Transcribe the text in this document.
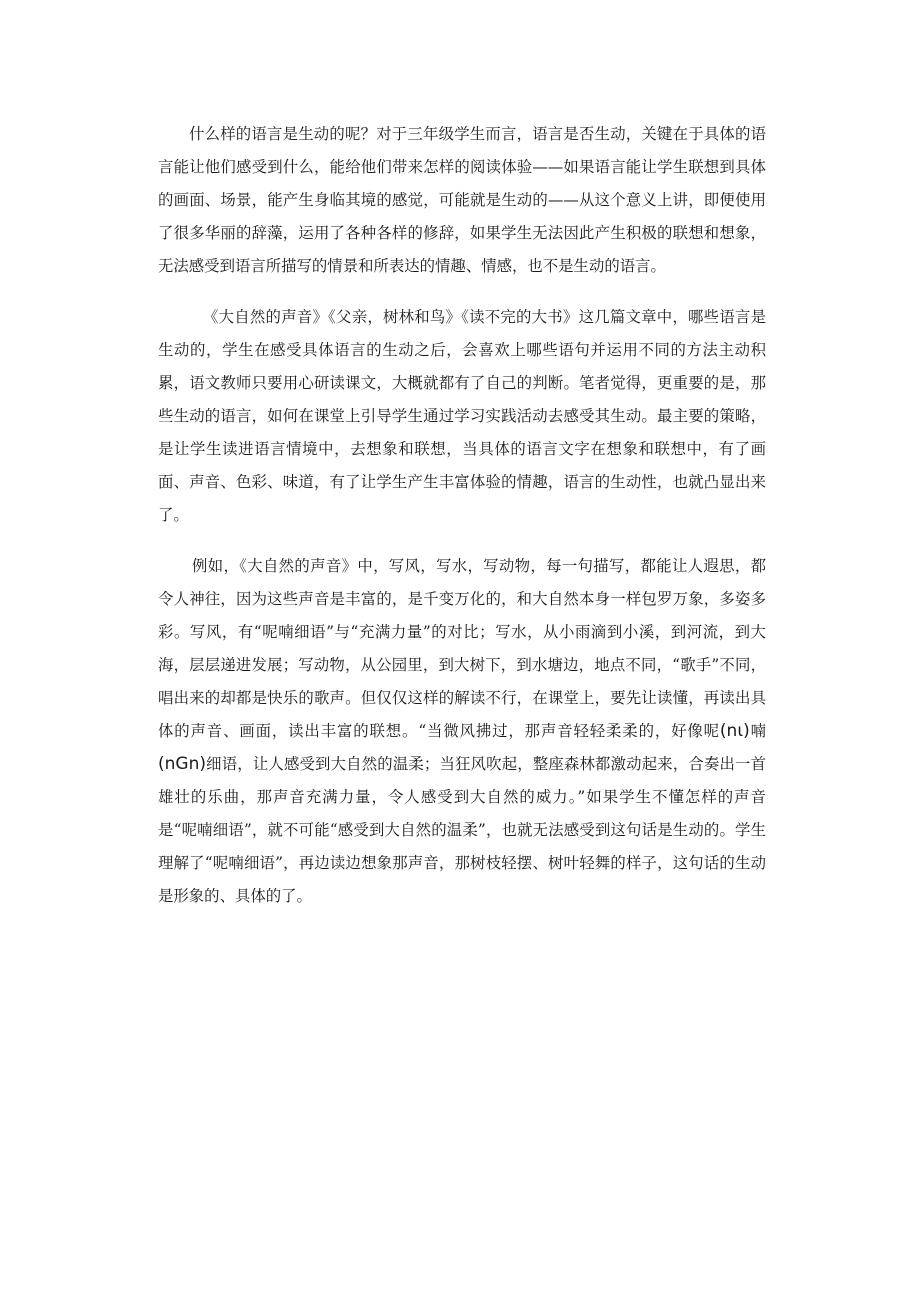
什么样的语言是生动的呢？对于三年级学生而言，语言是否生动，关键在于具体的语言能让他们感受到什么，能给他们带来怎样的阅读体验——如果语言能让学生联想到具体的画面、场景，能产生身临其境的感觉，可能就是生动的——从这个意义上讲，即便使用了很多华丽的辞藻，运用了各种各样的修辞，如果学生无法因此产生积极的联想和想象，无法感受到语言所描写的情景和所表达的情趣、情感，也不是生动的语言。

《大自然的声音》《父亲，树林和鸟》《读不完的大书》这几篇文章中，哪些语言是生动的，学生在感受具体语言的生动之后，会喜欢上哪些语句并运用不同的方法主动积累，语文教师只要用心研读课文，大概就都有了自己的判断。笔者觉得，更重要的是，那些生动的语言，如何在课堂上引导学生通过学习实践活动去感受其生动。最主要的策略，是让学生读进语言情境中，去想象和联想，当具体的语言文字在想象和联想中，有了画面、声音、色彩、味道，有了让学生产生丰富体验的情趣，语言的生动性，也就凸显出来了。

例如，《大自然的声音》中，写风，写水，写动物，每一句描写，都能让人遐思，都令人神往，因为这些声音是丰富的，是千变万化的，和大自然本身一样包罗万象，多姿多彩。写风，有“呢喃细语”与“充满力量”的对比；写水，从小雨滴到小溪，到河流，到大海，层层递进发展；写动物，从公园里，到大树下，到水塘边，地点不同，“歌手”不同，唱出来的却都是快乐的歌声。但仅仅这样的解读不行，在课堂上，要先让读懂，再读出具体的声音、画面，读出丰富的联想。“当微风拂过，那声音轻轻柔柔的，好像呢(nι)喃(nGn)细语，让人感受到大自然的温柔；当狂风吹起，整座森林都激动起来，合奏出一首雄壮的乐曲，那声音充满力量，令人感受到大自然的威力。”如果学生不懂怎样的声音是“呢喃细语”，就不可能“感受到大自然的温柔”，也就无法感受到这句话是生动的。学生理解了“呢喃细语”，再边读边想象那声音，那树枝轻摆、树叶轻舞的样子，这句话的生动是形象的、具体的了。
